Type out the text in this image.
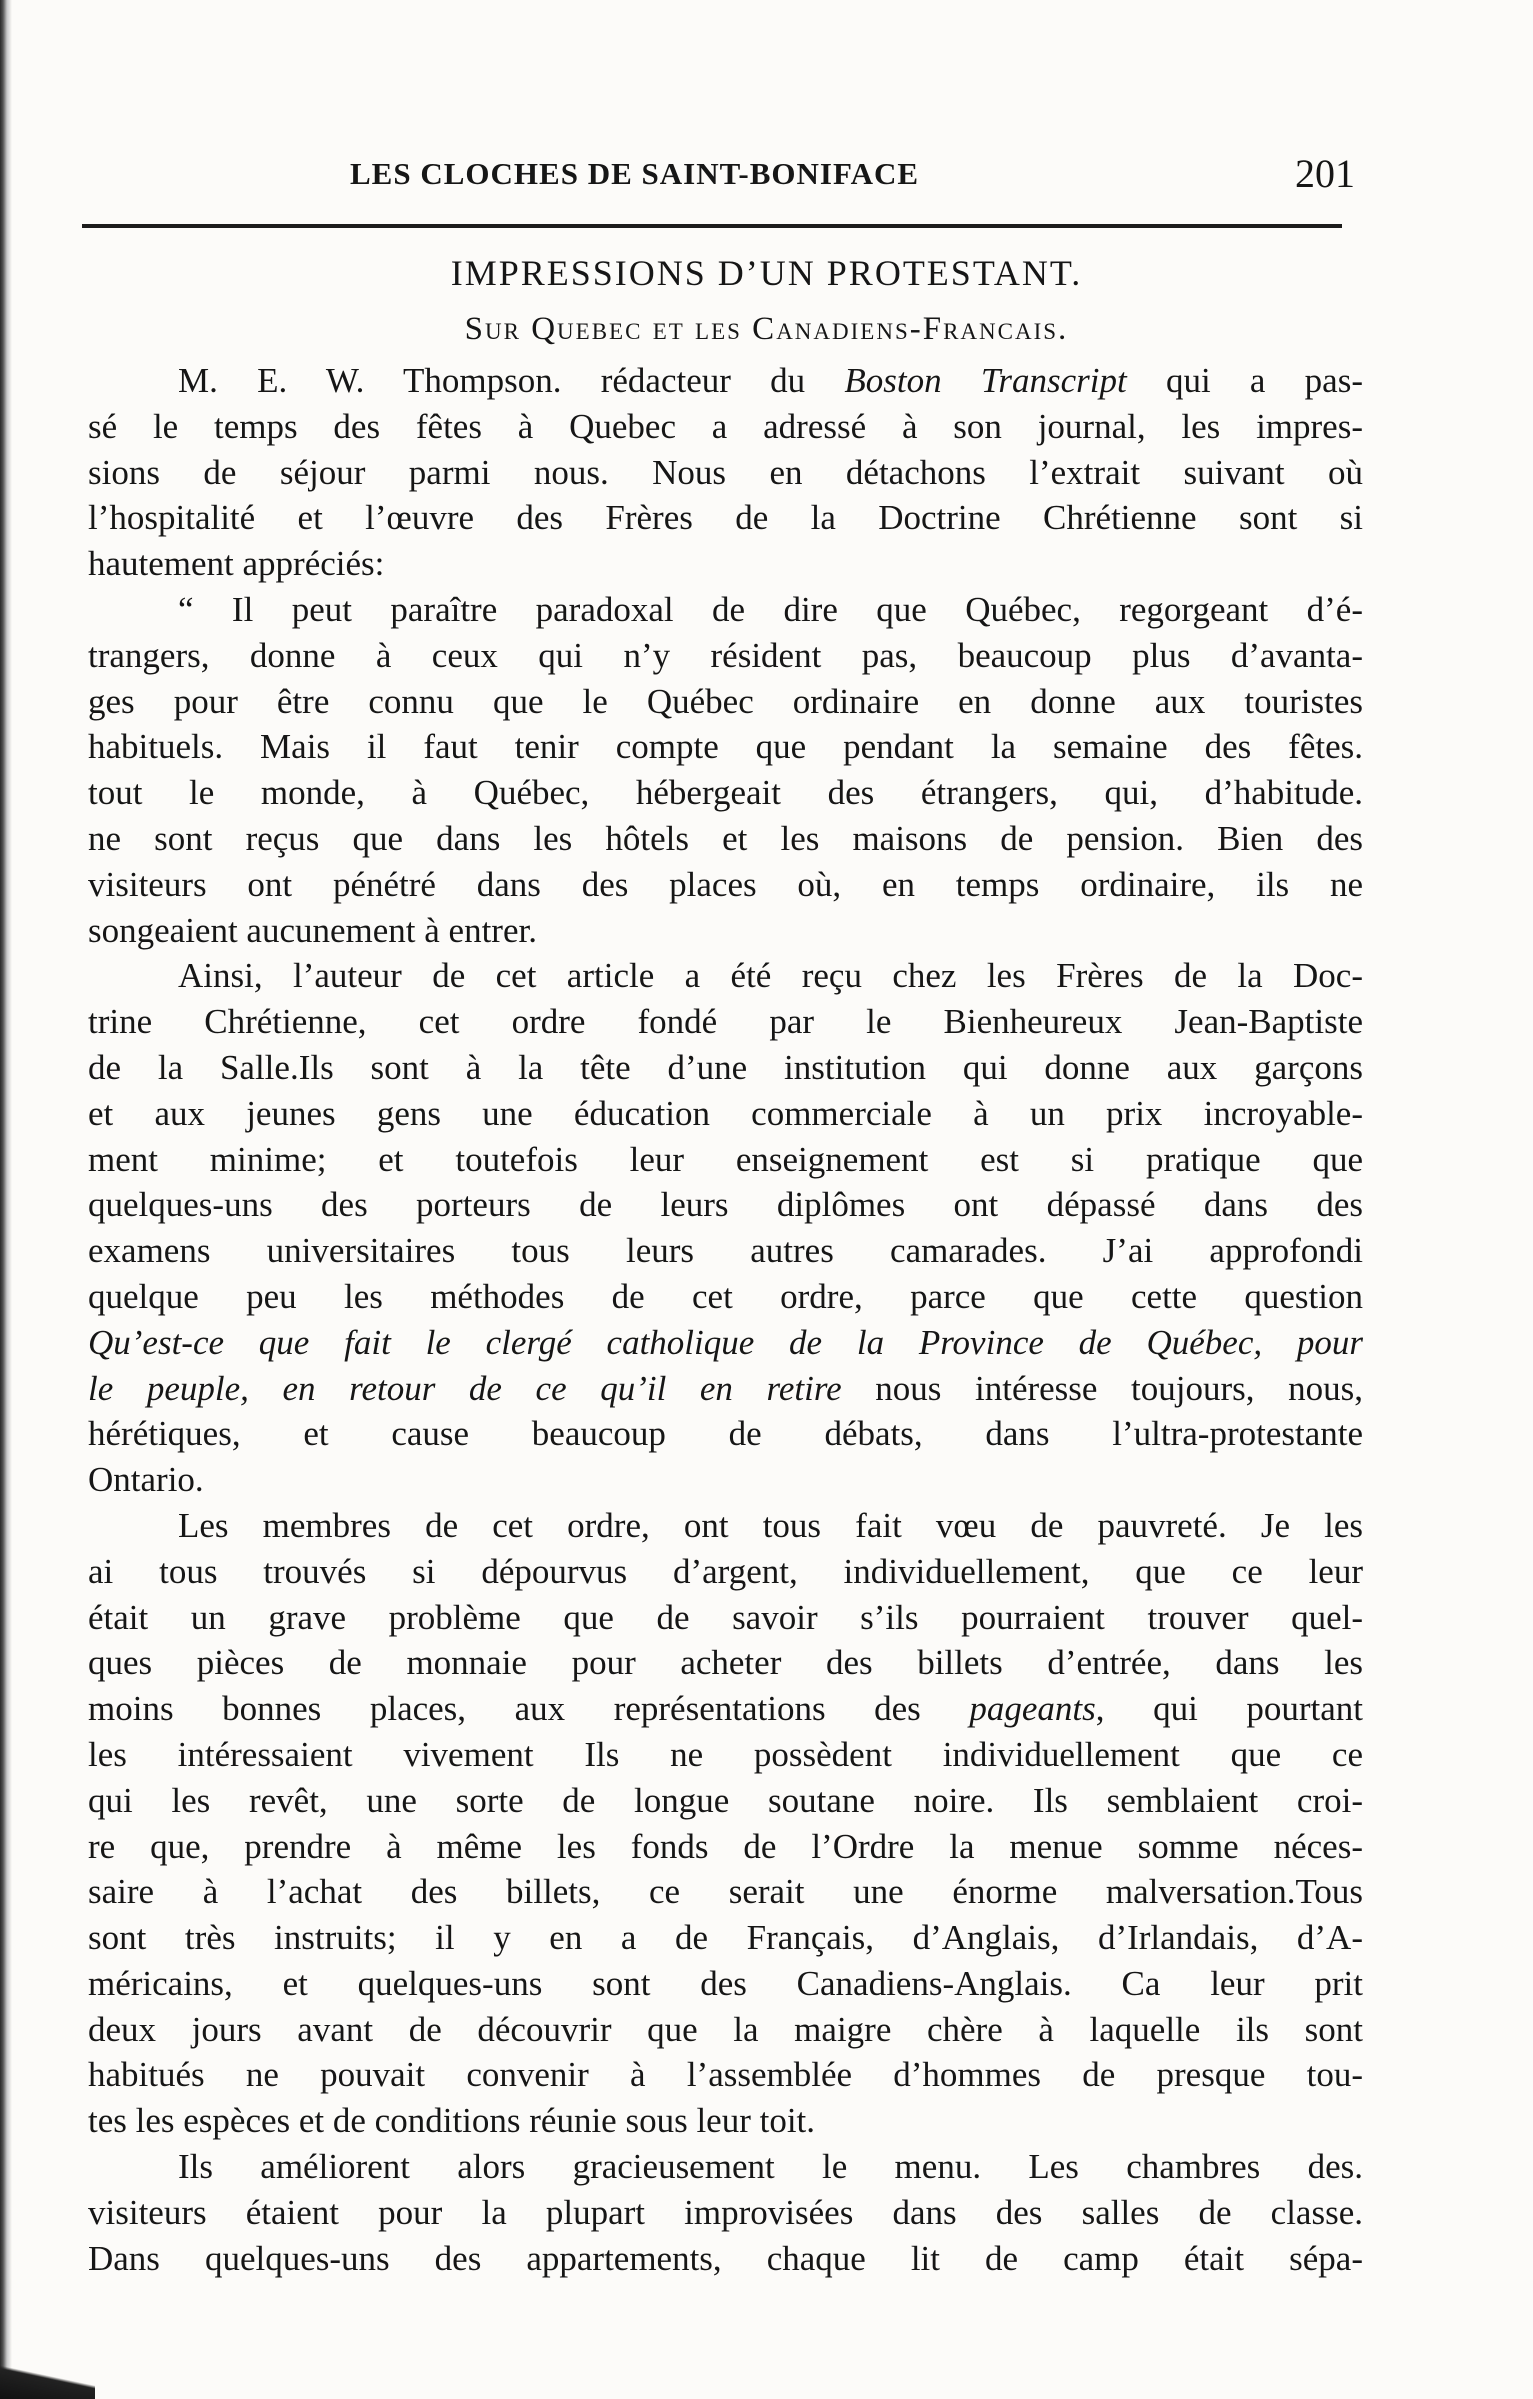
LES CLOCHES DE SAINT-BONIFACE	201
IMPRESSIONS D’UN PROTESTANT.
Sur Quebec et les Canadiens-Francais.
M. E. W. Thompson. rédacteur du Boston Transcript qui a pas-
sé le temps des fêtes à Quebec a adressé à son journal, les impres-
sions de séjour parmi nous. Nous en détachons l’extrait suivant où
l’hospitalité et l’œuvre des Frères de la Doctrine Chrétienne sont si
hautement appréciés:
“ Il peut paraître paradoxal de dire que Québec, regorgeant d’é-
trangers, donne à ceux qui n’y résident pas, beaucoup plus d’avanta-
ges pour être connu que le Québec ordinaire en donne aux touristes
habituels. Mais il faut tenir compte que pendant la semaine des fêtes.
tout le monde, à Québec, hébergeait des étrangers, qui, d’habitude.
ne sont reçus que dans les hôtels et les maisons de pension. Bien des
visiteurs ont pénétré dans des places où, en temps ordinaire, ils ne
songeaient aucunement à entrer.
Ainsi, l’auteur de cet article a été reçu chez les Frères de la Doc-
trine Chrétienne, cet ordre fondé par le Bienheureux Jean-Baptiste
de la Salle.Ils sont à la tête d’une institution qui donne aux garçons
et aux jeunes gens une éducation commerciale à un prix incroyable-
ment minime; et toutefois leur enseignement est si pratique que
quelques-uns des porteurs de leurs diplômes ont dépassé dans des
examens universitaires tous leurs autres camarades. J’ai approfondi
quelque peu les méthodes de cet ordre, parce que cette question
Qu’est-ce que fait le clergé catholique de la Province de Québec, pour
le peuple, en retour de ce qu’il en retire nous intéresse toujours, nous,
hérétiques, et cause beaucoup de débats, dans l’ultra-protestante
Ontario.
Les membres de cet ordre, ont tous fait vœu de pauvreté. Je les
ai tous trouvés si dépourvus d’argent, individuellement, que ce leur
était un grave problème que de savoir s’ils pourraient trouver quel-
ques pièces de monnaie pour acheter des billets d’entrée, dans les
moins bonnes places, aux représentations des pageants, qui pourtant
les intéressaient vivement Ils ne possèdent individuellement que ce
qui les revêt, une sorte de longue soutane noire. Ils semblaient croi-
re que, prendre à même les fonds de l’Ordre la menue somme néces-
saire à l’achat des billets, ce serait une énorme malversation.Tous
sont très instruits; il y en a de Français, d’Anglais, d’Irlandais, d’A-
méricains, et quelques-uns sont des Canadiens-Anglais. Ca leur prit
deux jours avant de découvrir que la maigre chère à laquelle ils sont
habitués ne pouvait convenir à l’assemblée d’hommes de presque tou-
tes les espèces et de conditions réunie sous leur toit.
Ils améliorent alors gracieusement le menu. Les chambres des.
visiteurs étaient pour la plupart improvisées dans des salles de classe.
Dans quelques-uns des appartements, chaque lit de camp était sépa-
